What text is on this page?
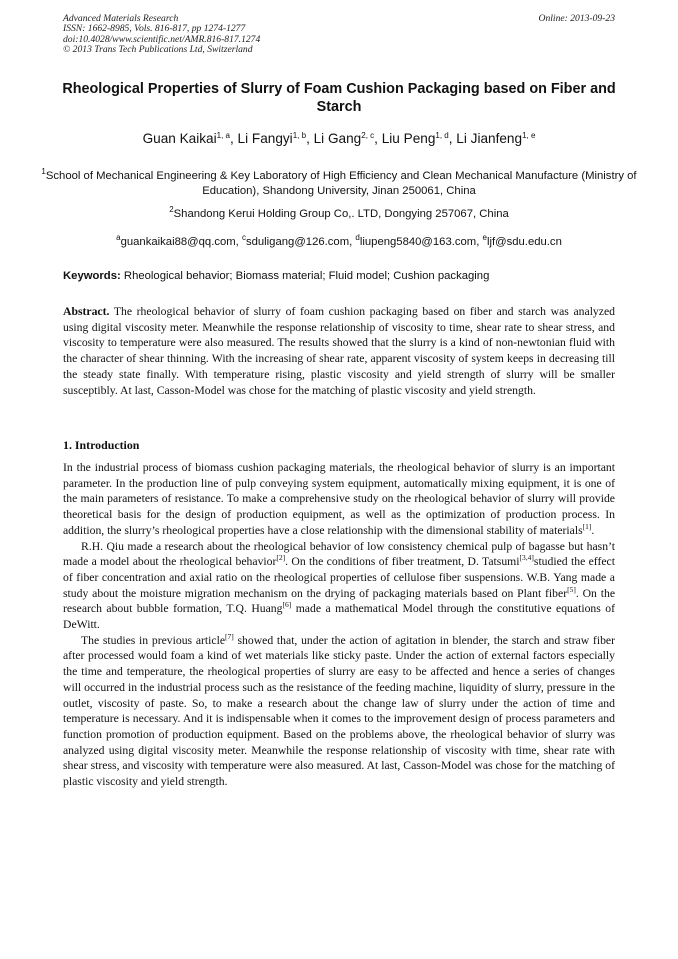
Advanced Materials Research
ISSN: 1662-8985, Vols. 816-817, pp 1274-1277
doi:10.4028/www.scientific.net/AMR.816-817.1274
© 2013 Trans Tech Publications Ltd, Switzerland
Online: 2013-09-23
Rheological Properties of Slurry of Foam Cushion Packaging based on Fiber and Starch
Guan Kaikai$^{1, a}$, Li Fangyi$^{1, b}$, Li Gang$^{2, c}$, Liu Peng$^{1, d}$, Li Jianfeng$^{1, e}$
$^1$School of Mechanical Engineering & Key Laboratory of High Efficiency and Clean Mechanical Manufacture (Ministry of Education), Shandong University, Jinan 250061, China
$^2$Shandong Kerui Holding Group Co,. LTD, Dongying 257067, China
$^a$guankaikai88@qq.com, $^c$sduligang@126.com, $^d$liupeng5840@163.com, $^e$ljf@sdu.edu.cn
Keywords: Rheological behavior; Biomass material; Fluid model; Cushion packaging
Abstract. The rheological behavior of slurry of foam cushion packaging based on fiber and starch was analyzed using digital viscosity meter. Meanwhile the response relationship of viscosity to time, shear rate to shear stress, and viscosity to temperature were also measured. The results showed that the slurry is a kind of non-newtonian fluid with the character of shear thinning. With the increasing of shear rate, apparent viscosity of system keeps in decreasing till the steady state finally. With temperature rising, plastic viscosity and yield strength of slurry will be smaller susceptibly. At last, Casson-Model was chose for the matching of plastic viscosity and yield strength.
1. Introduction

In the industrial process of biomass cushion packaging materials, the rheological behavior of slurry is an important parameter. In the production line of pulp conveying system equipment, automatically mixing equipment, it is one of the main parameters of resistance. To make a comprehensive study on the rheological behavior of slurry will provide theoretical basis for the design of production equipment, as well as the optimization of production process. In addition, the slurry’s rheological properties have a close relationship with the dimensional stability of materials[1].

R.H. Qiu made a research about the rheological behavior of low consistency chemical pulp of bagasse but hasn’t made a model about the rheological behavior[2]. On the conditions of fiber treatment, D. Tatsumi[3,4]studied the effect of fiber concentration and axial ratio on the rheological properties of cellulose fiber suspensions. W.B. Yang made a study about the moisture migration mechanism on the drying of packaging materials based on Plant fiber[5]. On the research about bubble formation, T.Q. Huang[6] made a mathematical Model through the constitutive equations of DeWitt.

The studies in previous article[7] showed that, under the action of agitation in blender, the starch and straw fiber after processed would foam a kind of wet materials like sticky paste. Under the action of external factors especially the time and temperature, the rheological properties of slurry are easy to be affected and hence a series of changes will occurred in the industrial process such as the resistance of the feeding machine, liquidity of slurry, pressure in the outlet, viscosity of paste. So, to make a research about the change law of slurry under the action of time and temperature is necessary. And it is indispensable when it comes to the improvement design of process parameters and function promotion of production equipment. Based on the problems above, the rheological behavior of slurry was analyzed using digital viscosity meter. Meanwhile the response relationship of viscosity with time, shear rate with shear stress, and viscosity with temperature were also measured. At last, Casson-Model was chose for the matching of plastic viscosity and yield strength.
